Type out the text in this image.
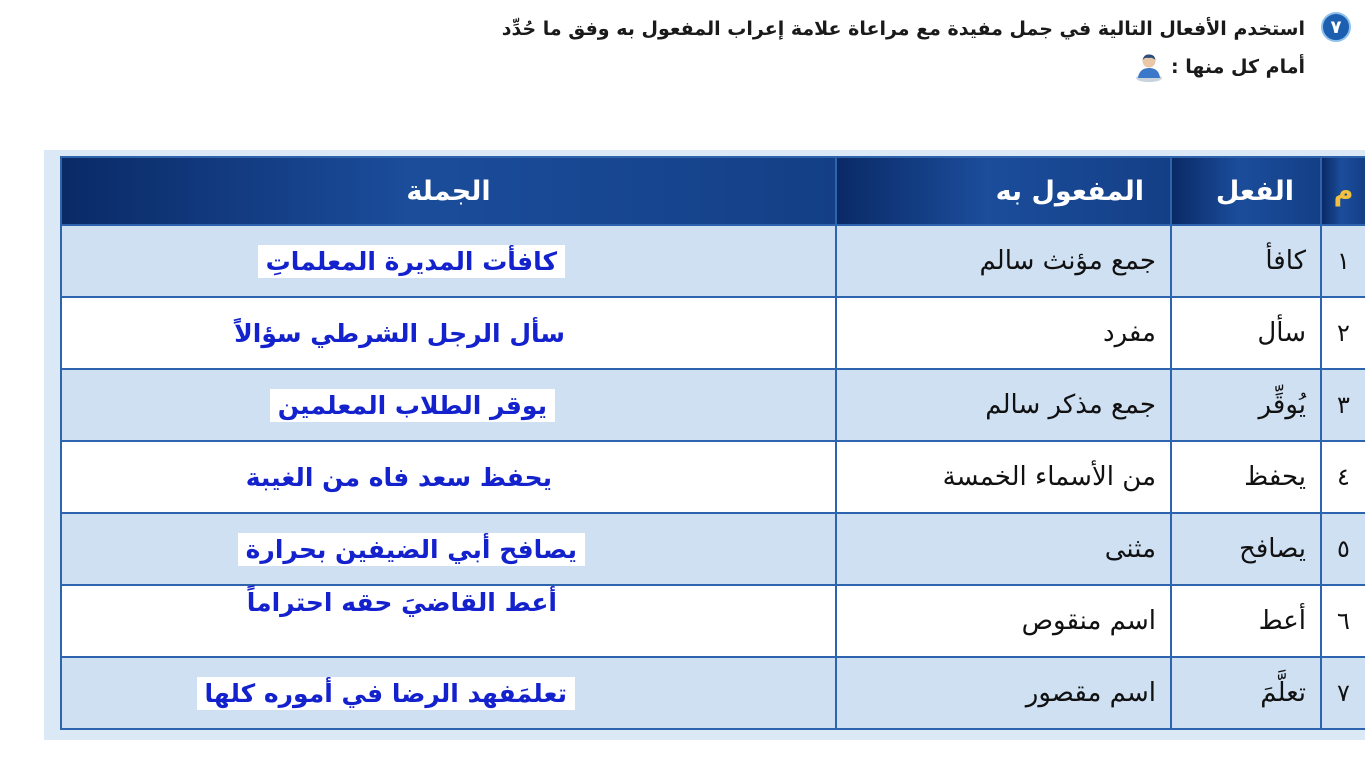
٧
استخدم الأفعال التالية في جمل مفيدة مع مراعاة علامة إعراب المفعول به وفق ما حُدِّد
أمام كل منها :
م	الفعل	المفعول به	الجملة
١	كافأ	جمع مؤنث سالم	كافأت المديرة المعلماتِ
٢	سأل	مفرد	سأل الرجل الشرطي سؤالاً
٣	يُوقِّر	جمع مذكر سالم	يوقر الطلاب المعلمين
٤	يحفظ	من الأسماء الخمسة	يحفظ سعد فاه من الغيبة
٥	يصافح	مثنى	يصافح أبي الضيفين بحرارة
٦	أعط	اسم منقوص	أعط القاضيَ حقه احتراماً
٧	تعلَّمَ	اسم مقصور	تعلمَفهد الرضا في أموره كلها
